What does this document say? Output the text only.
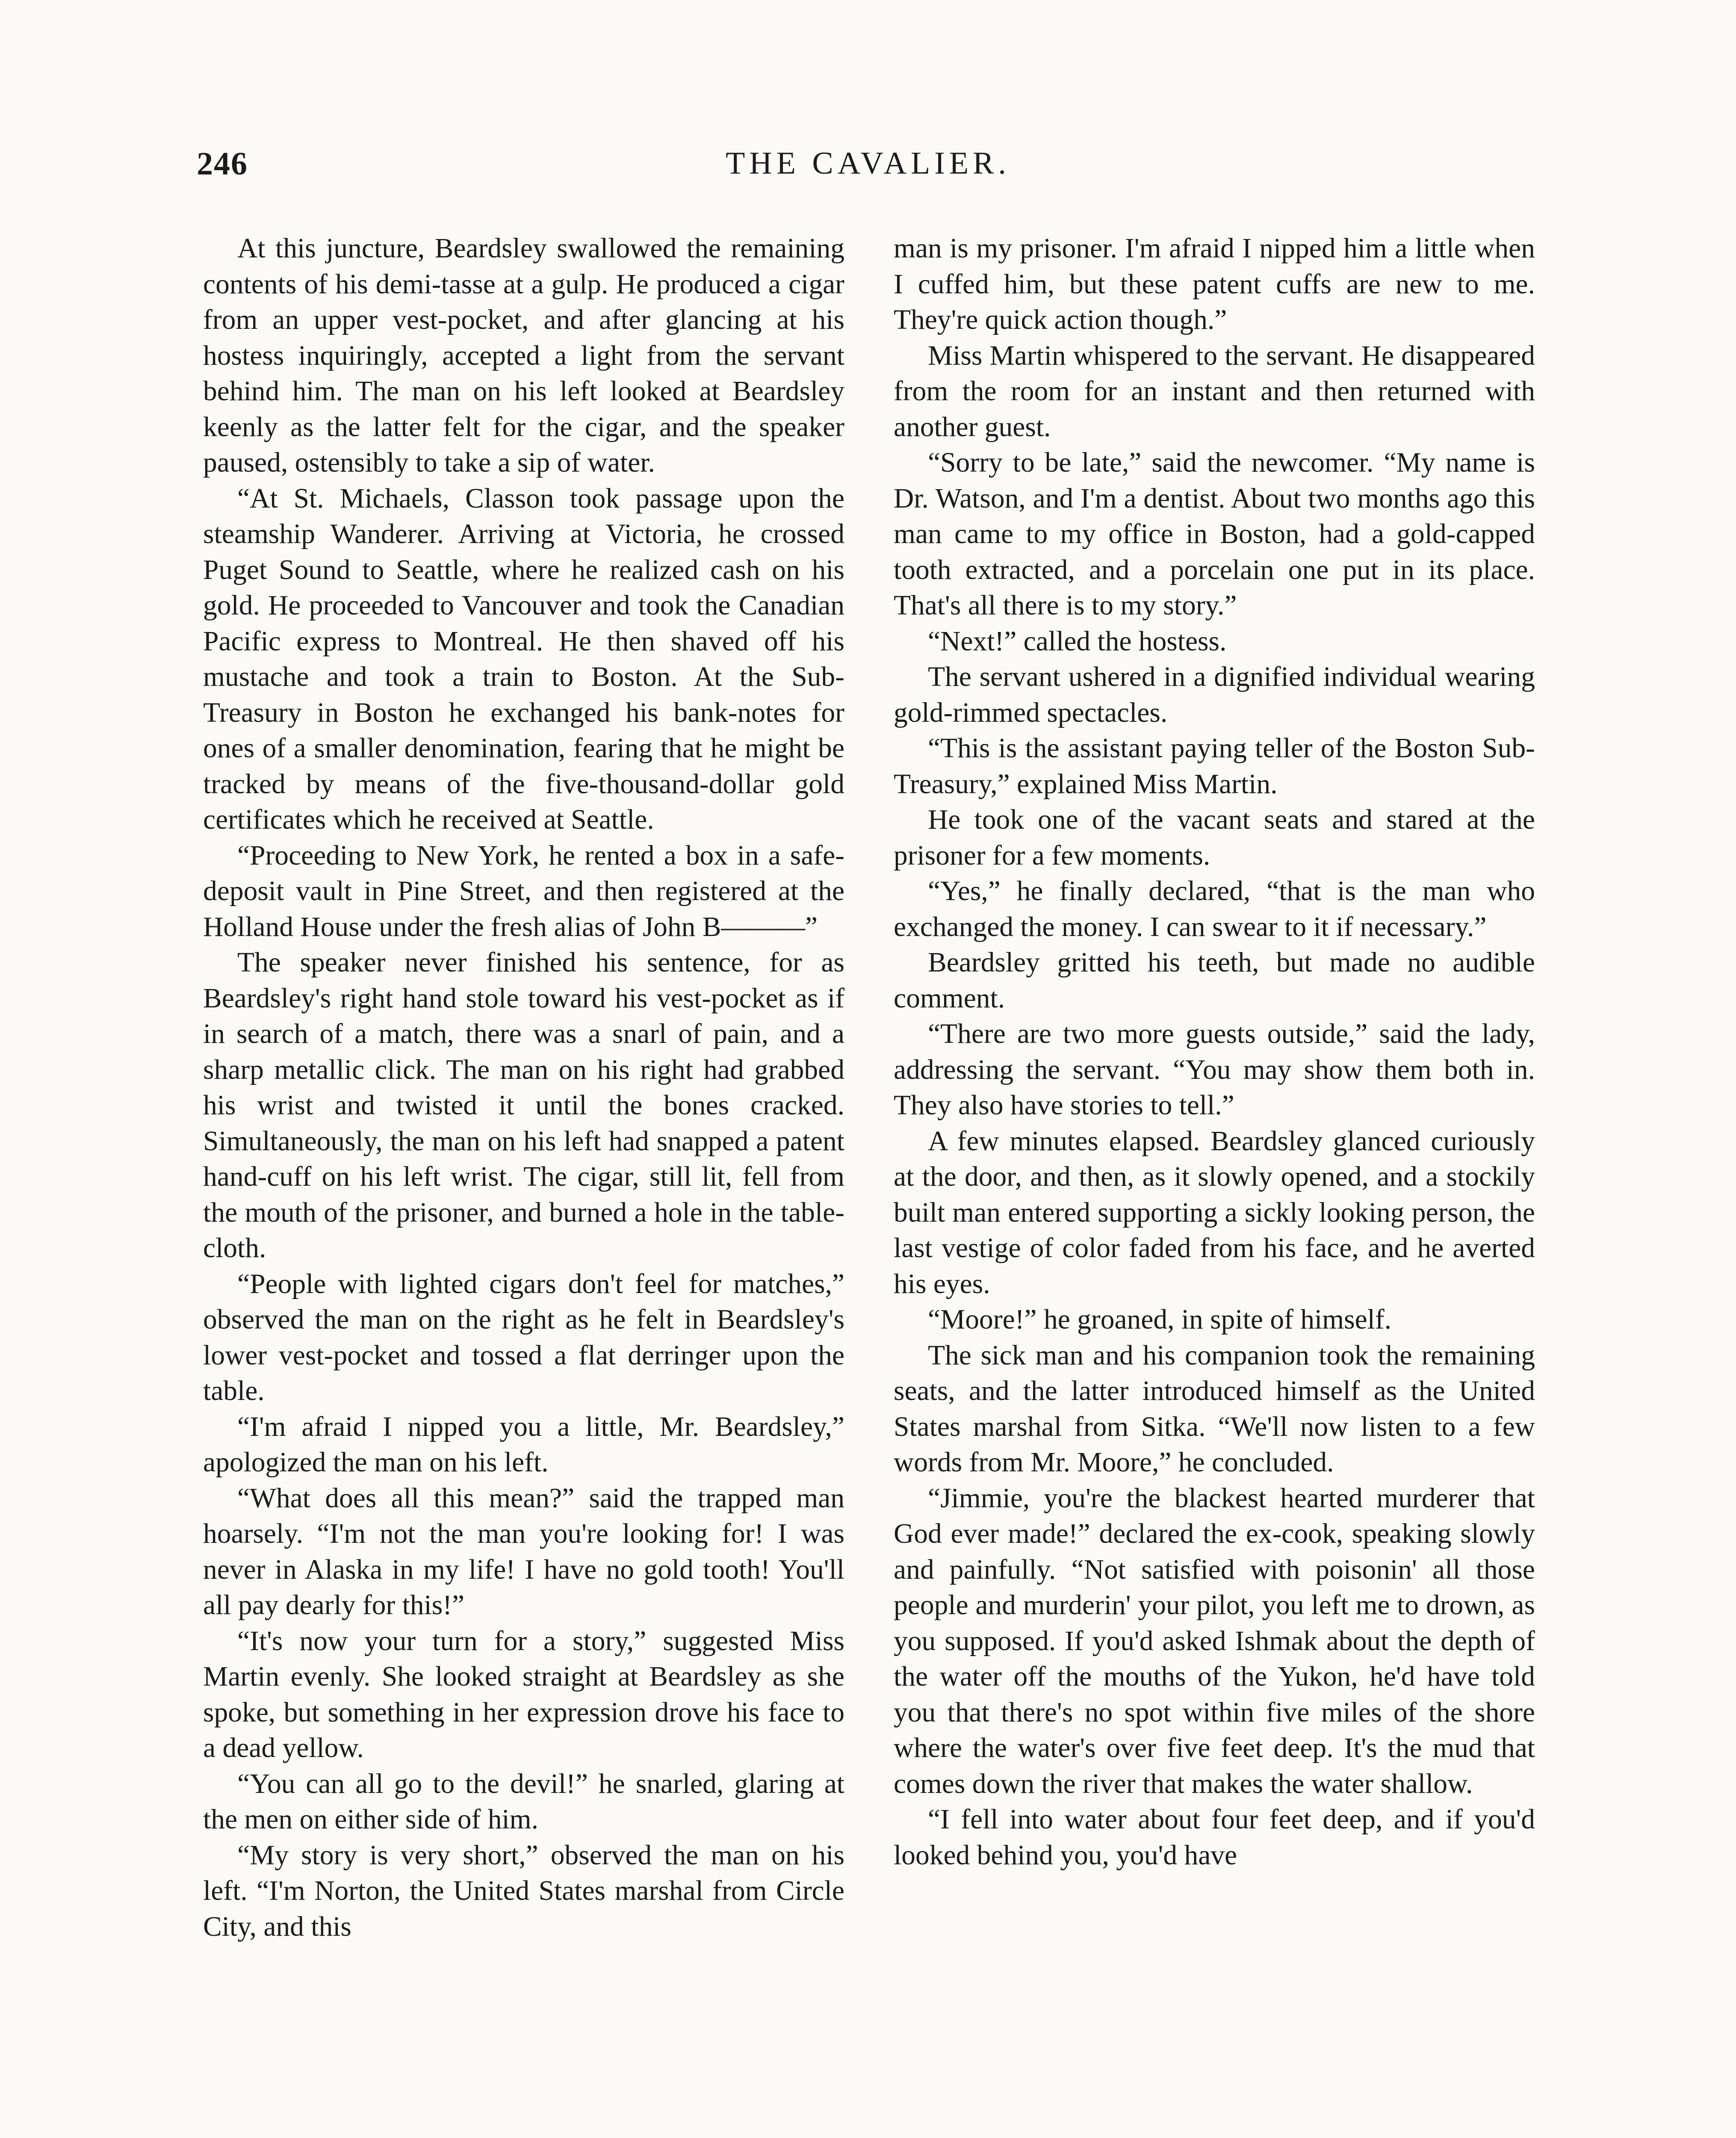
246	THE CAVALIER.

At this juncture, Beardsley swallowed the remaining contents of his demi-tasse at a gulp. He produced a cigar from an upper vest-pocket, and after glancing at his hostess inquiringly, accepted a light from the servant behind him. The man on his left looked at Beardsley keenly as the latter felt for the cigar, and the speaker paused, ostensibly to take a sip of water.

“At St. Michaels, Classon took passage upon the steamship Wanderer. Arriving at Victoria, he crossed Puget Sound to Seattle, where he realized cash on his gold. He proceeded to Vancouver and took the Canadian Pacific express to Montreal. He then shaved off his mustache and took a train to Boston. At the Sub-Treasury in Boston he exchanged his bank-notes for ones of a smaller denomination, fearing that he might be tracked by means of the five-thousand-dollar gold certificates which he received at Seattle.

“Proceeding to New York, he rented a box in a safe-deposit vault in Pine Street, and then registered at the Holland House under the fresh alias of John B———”

The speaker never finished his sentence, for as Beardsley's right hand stole toward his vest-pocket as if in search of a match, there was a snarl of pain, and a sharp metallic click. The man on his right had grabbed his wrist and twisted it until the bones cracked. Simultaneously, the man on his left had snapped a patent hand-cuff on his left wrist. The cigar, still lit, fell from the mouth of the prisoner, and burned a hole in the table-cloth.

“People with lighted cigars don't feel for matches,” observed the man on the right as he felt in Beardsley's lower vest-pocket and tossed a flat derringer upon the table.

“I'm afraid I nipped you a little, Mr. Beardsley,” apologized the man on his left.

“What does all this mean?” said the trapped man hoarsely. “I'm not the man you're looking for! I was never in Alaska in my life! I have no gold tooth! You'll all pay dearly for this!”

“It's now your turn for a story,” suggested Miss Martin evenly. She looked straight at Beardsley as she spoke, but something in her expression drove his face to a dead yellow.

“You can all go to the devil!” he snarled, glaring at the men on either side of him.

“My story is very short,” observed the man on his left. “I'm Norton, the United States marshal from Circle City, and this

man is my prisoner. I'm afraid I nipped him a little when I cuffed him, but these patent cuffs are new to me. They're quick action though.”

Miss Martin whispered to the servant. He disappeared from the room for an instant and then returned with another guest.

“Sorry to be late,” said the newcomer. “My name is Dr. Watson, and I'm a dentist. About two months ago this man came to my office in Boston, had a gold-capped tooth extracted, and a porcelain one put in its place. That's all there is to my story.”

“Next!” called the hostess.

The servant ushered in a dignified individual wearing gold-rimmed spectacles.

“This is the assistant paying teller of the Boston Sub-Treasury,” explained Miss Martin.

He took one of the vacant seats and stared at the prisoner for a few moments.

“Yes,” he finally declared, “that is the man who exchanged the money. I can swear to it if necessary.”

Beardsley gritted his teeth, but made no audible comment.

“There are two more guests outside,” said the lady, addressing the servant. “You may show them both in. They also have stories to tell.”

A few minutes elapsed. Beardsley glanced curiously at the door, and then, as it slowly opened, and a stockily built man entered supporting a sickly looking person, the last vestige of color faded from his face, and he averted his eyes.

“Moore!” he groaned, in spite of himself.

The sick man and his companion took the remaining seats, and the latter introduced himself as the United States marshal from Sitka. “We'll now listen to a few words from Mr. Moore,” he concluded.

“Jimmie, you're the blackest hearted murderer that God ever made!” declared the ex-cook, speaking slowly and painfully. “Not satisfied with poisonin' all those people and murderin' your pilot, you left me to drown, as you supposed. If you'd asked Ishmak about the depth of the water off the mouths of the Yukon, he'd have told you that there's no spot within five miles of the shore where the water's over five feet deep. It's the mud that comes down the river that makes the water shallow.

“I fell into water about four feet deep, and if you'd looked behind you, you'd have
